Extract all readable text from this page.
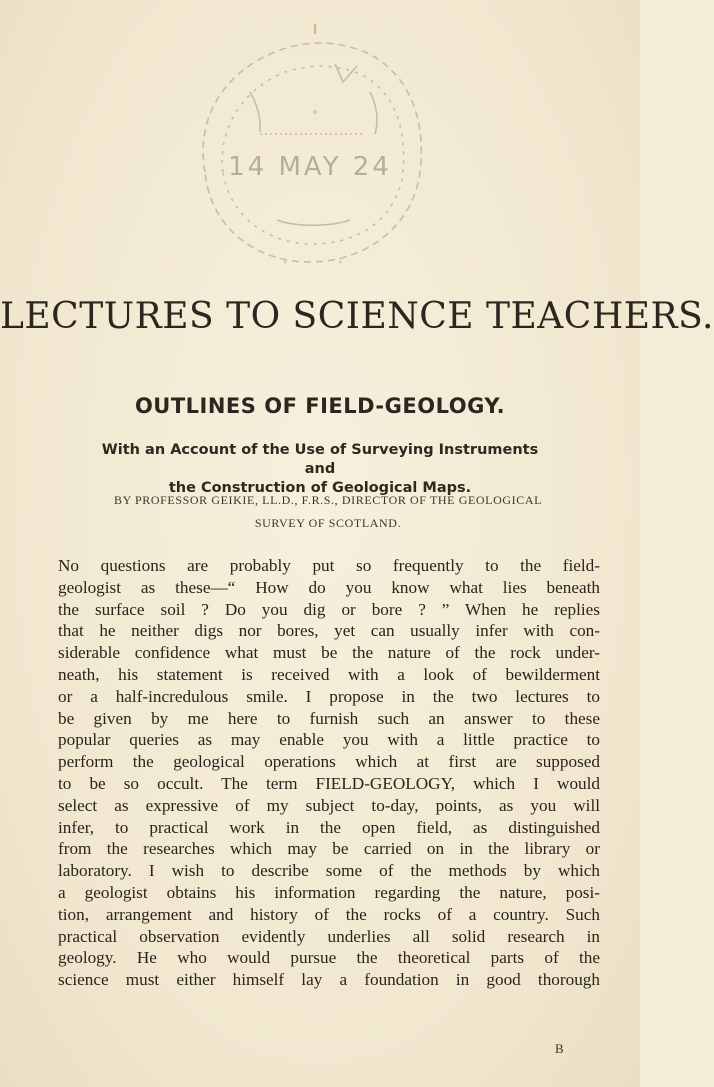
14 MAY 24
LECTURES TO SCIENCE TEACHERS.
OUTLINES OF FIELD-GEOLOGY.
With an Account of the Use of Surveying Instruments and
the Construction of Geological Maps.
BY PROFESSOR GEIKIE, LL.D., F.R.S., DIRECTOR OF THE GEOLOGICAL
SURVEY OF SCOTLAND.
No questions are probably put so frequently to the field-
geologist as these—“ How do you know what lies beneath
the surface soil ? Do you dig or bore ? ” When he replies
that he neither digs nor bores, yet can usually infer with con-
siderable confidence what must be the nature of the rock under-
neath, his statement is received with a look of bewilderment
or a half-incredulous smile. I propose in the two lectures to
be given by me here to furnish such an answer to these
popular queries as may enable you with a little practice to
perform the geological operations which at first are supposed
to be so occult. The term FIELD-GEOLOGY, which I would
select as expressive of my subject to-day, points, as you will
infer, to practical work in the open field, as distinguished
from the researches which may be carried on in the library or
laboratory. I wish to describe some of the methods by which
a geologist obtains his information regarding the nature, posi-
tion, arrangement and history of the rocks of a country. Such
practical observation evidently underlies all solid research in
geology. He who would pursue the theoretical parts of the
science must either himself lay a foundation in good thorough
B
